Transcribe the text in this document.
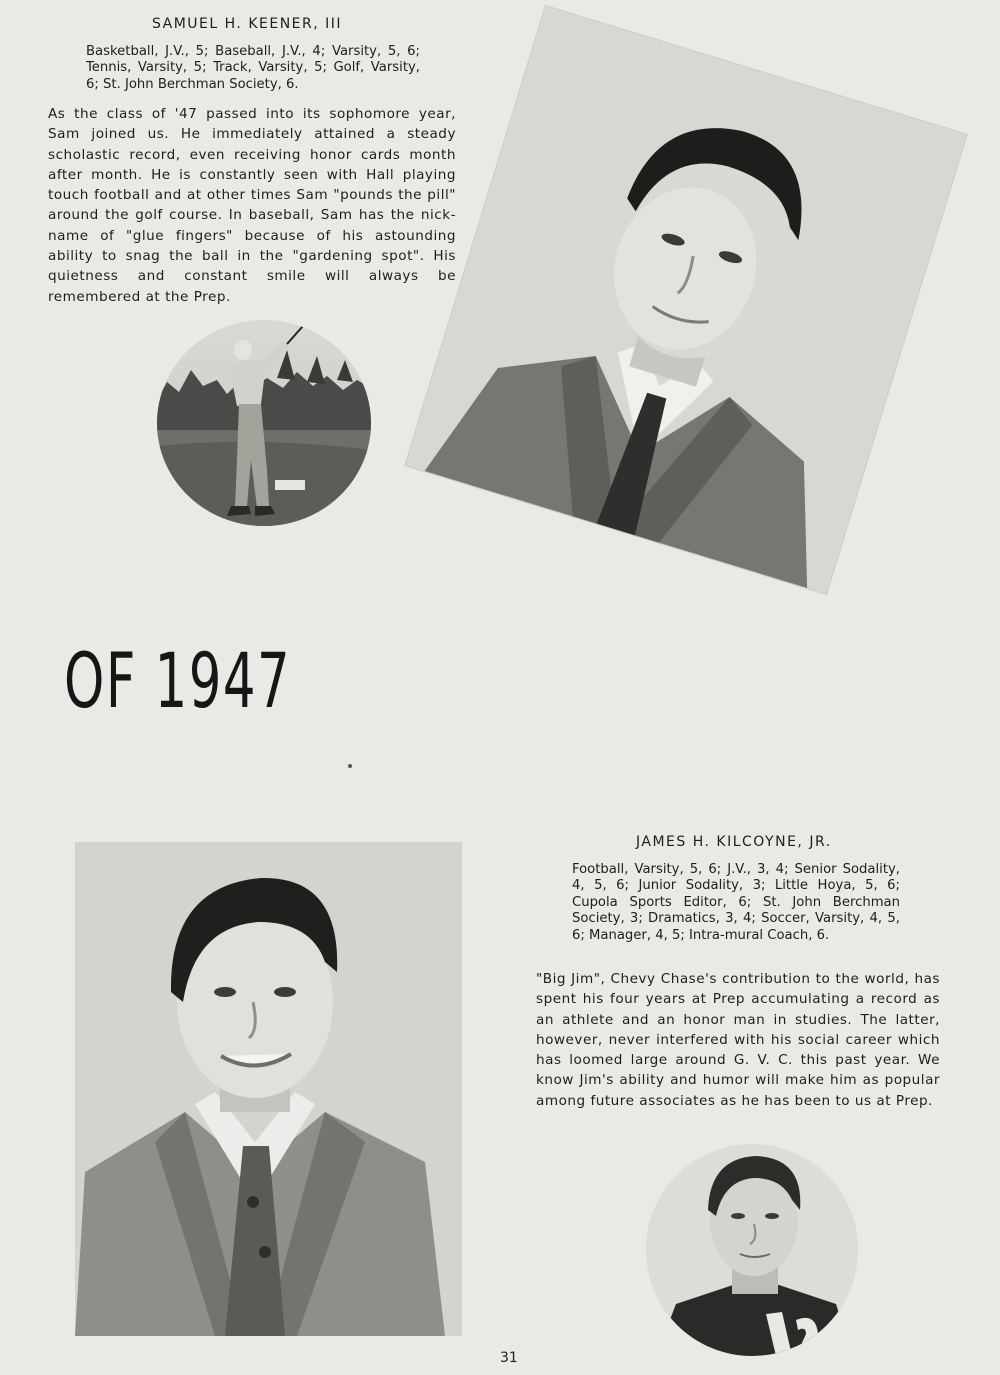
SAMUEL H. KEENER, III

Basketball, J.V., 5; Baseball, J.V., 4; Varsity, 5, 6; Tennis, Varsity, 5; Track, Varsity, 5; Golf, Varsity, 6; St. John Berchman Society, 6.

As the class of '47 passed into its sophomore year, Sam joined us. He immediately attained a steady scholastic record, even receiving honor cards month after month. He is constantly seen with Hall playing touch football and at other times Sam "pounds the pill" around the golf course. In baseball, Sam has the nick-name of "glue fingers" because of his astounding ability to snag the ball in the "gardening spot". His quietness and constant smile will always be remembered at the Prep.

OF 1947
JAMES H. KILCOYNE, JR.

Football, Varsity, 5, 6; J.V., 3, 4; Senior Sodality, 4, 5, 6; Junior Sodality, 3; Little Hoya, 5, 6; Cupola Sports Editor, 6; St. John Berchman Society, 3; Dramatics, 3, 4; Soccer, Varsity, 4, 5, 6; Manager, 4, 5; Intra-mural Coach, 6.

"Big Jim", Chevy Chase's contribution to the world, has spent his four years at Prep accumulating a record as an athlete and an honor man in studies. The latter, however, never interfered with his social career which has loomed large around G. V. C. this past year. We know Jim's ability and humor will make him as popular among future associates as he has been to us at Prep.

31
